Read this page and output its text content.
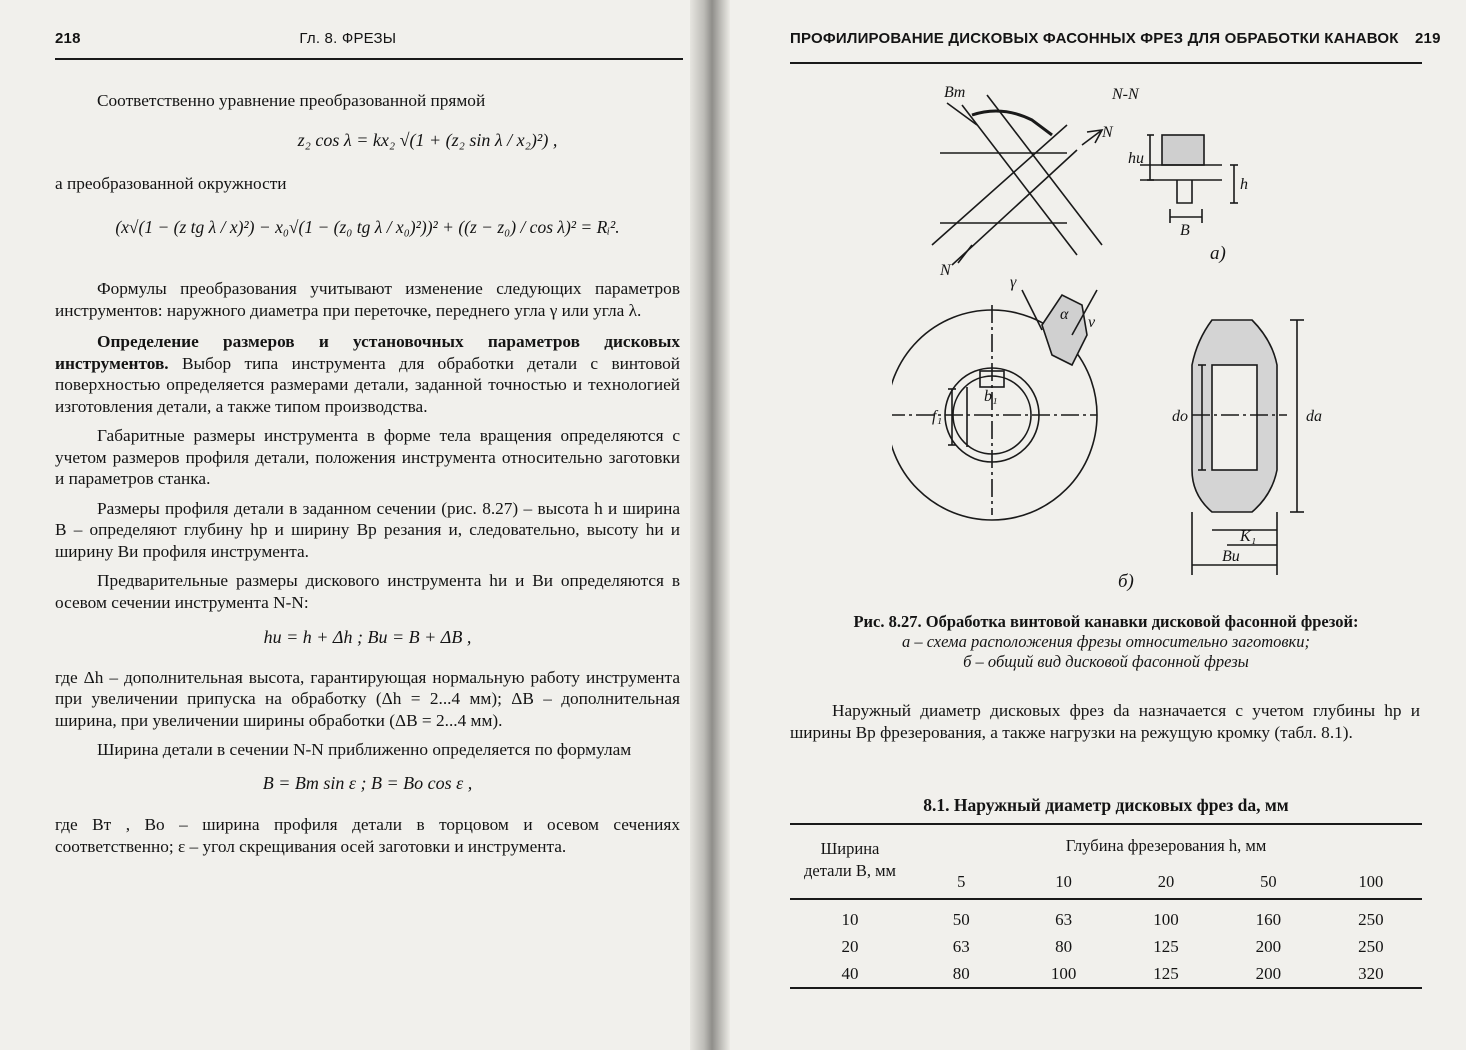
218	Гл. 8. ФРЕЗЫ

Соответственно уравнение преобразованной прямой

z₂ cos λ = kx₂ √(1 + (z₂ sin λ / x₂)²) ,

а преобразованной окружности

(x√(1 − (z tg λ / x)²) − x₀√(1 − (z₀ tg λ / x₀)²))² + ((z − z₀) / cos λ)² = Rᵢ².

Формулы преобразования учитывают изменение следующих параметров инструментов: наружного диаметра при переточке, переднего угла γ или угла λ.

Определение размеров и установочных параметров дисковых инструментов. Выбор типа инструмента для обработки детали с винтовой поверхностью определяется размерами детали, заданной точностью и технологией изготовления детали, а также типом производства.

Габаритные размеры инструмента в форме тела вращения определяются с учетом размеров профиля детали, положения инструмента относительно заготовки и параметров станка.

Размеры профиля детали в заданном сечении (рис. 8.27) – высота h и ширина B – определяют глубину hр и ширину Bр резания и, следовательно, высоту hи и ширину Bи профиля инструмента.

Предварительные размеры дискового инструмента hи и Bи определяются в осевом сечении инструмента N-N:

hи = h + Δh ; Bи = B + ΔB ,

где Δh – дополнительная высота, гарантирующая нормальную работу инструмента при увеличении припуска на обработку (Δh = 2...4 мм); ΔB – дополнительная ширина, при увеличении ширины обработки (ΔB = 2...4 мм).

Ширина детали в сечении N-N приближенно определяется по формулам

B = Bт sin ε ; B = Bо cos ε ,

где Bт , Bо – ширина профиля детали в торцовом и осевом сечениях соответственно; ε – угол скрещивания осей заготовки и инструмента.

ПРОФИЛИРОВАНИЕ ДИСКОВЫХ ФАСОННЫХ ФРЕЗ ДЛЯ ОБРАБОТКИ КАНАВОК 219
N-N
N
N
Bт
hи
h
B
а)
γ
α ν
f₁
b₁
dо	dа
K₁
Bи
б)
Рис. 8.27. Обработка винтовой канавки дисковой фасонной фрезой:
а – схема расположения фрезы относительно заготовки;
б – общий вид дисковой фасонной фрезы

Наружный диаметр дисковых фрез dа назначается с учетом глубины hр и ширины Bр фрезерования, а также нагрузки на режущую кромку (табл. 8.1).

8.1. Наружный диаметр дисковых фрез dа, мм
Ширина
детали B, мм
Глубина фрезерования h, мм
5	10	20	50	100
10	50	63	100	160	250
20	63	80	125	200	250
40	80	100	125	200	320
